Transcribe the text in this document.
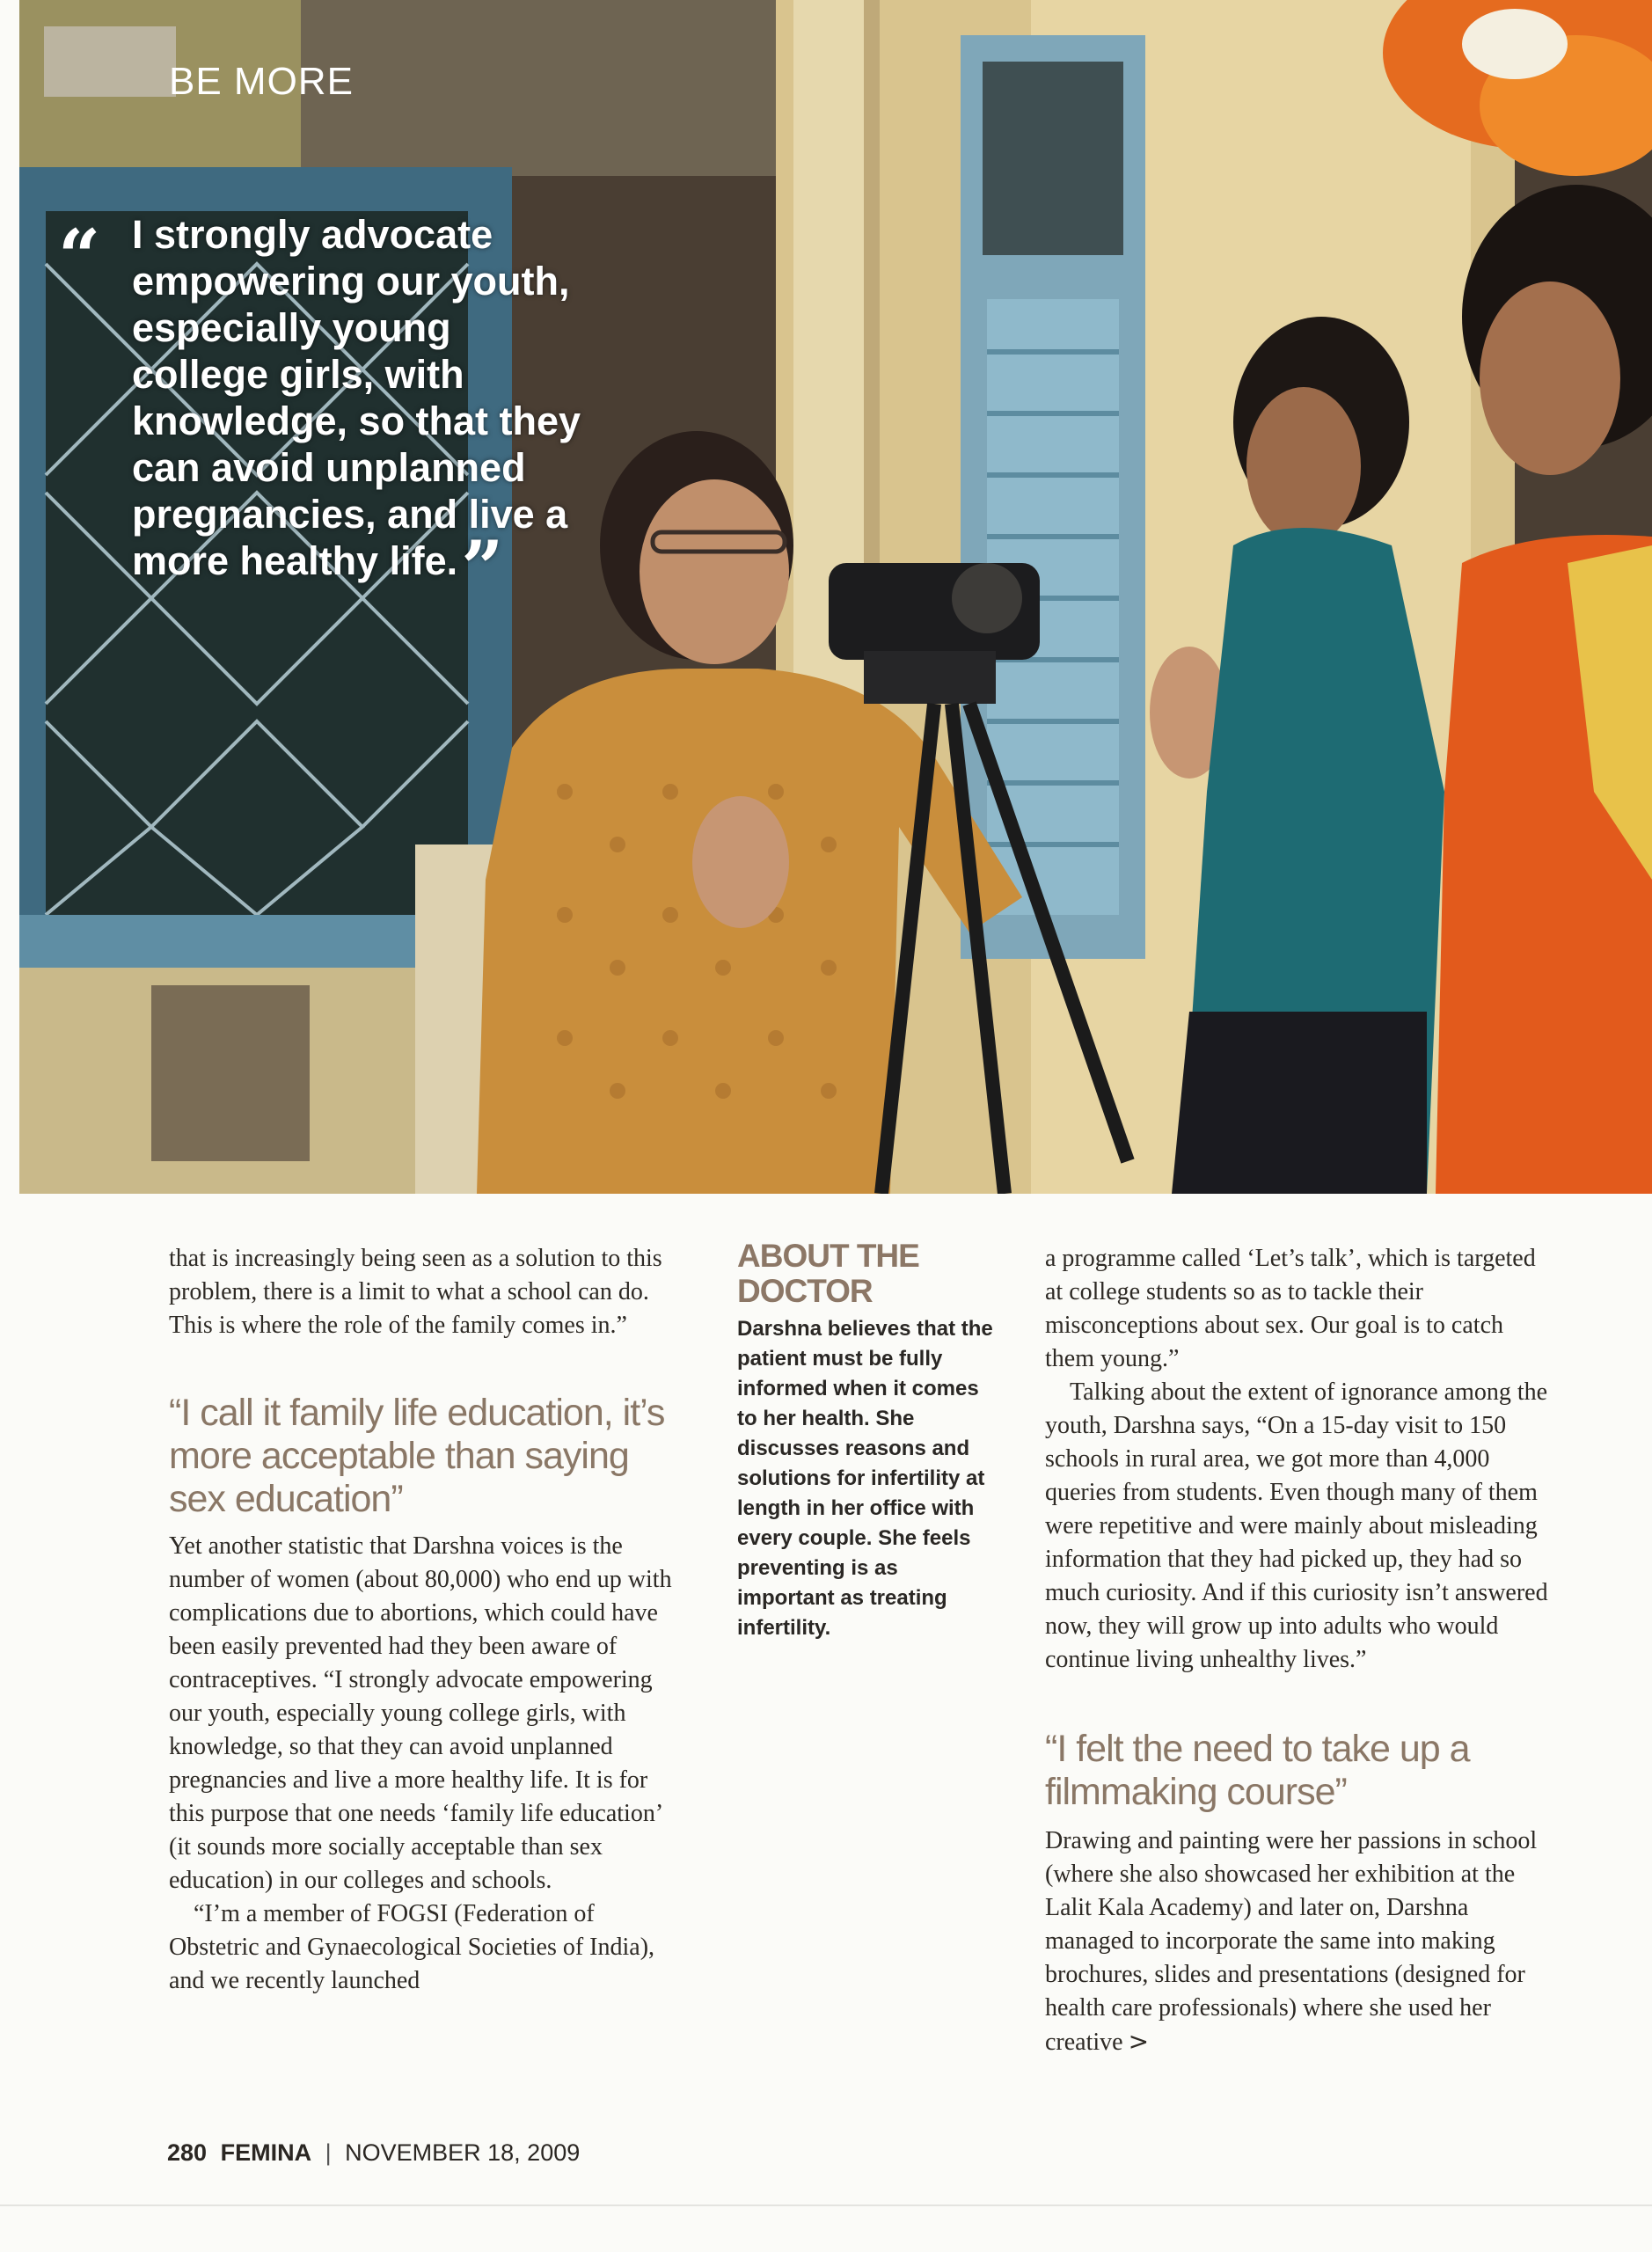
BE MORE
I strongly advocate empowering our youth, especially young college girls, with knowledge, so that they can avoid unplanned pregnancies, and live a more healthy life.”

that is increasingly being seen as a solution to this problem, there is a limit to what a school can do. This is where the role of the family comes in.”

“I call it family life education, it’s more acceptable than saying sex education”

Yet another statistic that Darshna voices is the number of women (about 80,000) who end up with complications due to abortions, which could have been easily prevented had they been aware of contraceptives. “I strongly advocate empowering our youth, especially young college girls, with knowledge, so that they can avoid unplanned pregnancies and live a more healthy life. It is for this purpose that one needs ‘family life education’ (it sounds more socially acceptable than sex education) in our colleges and schools.

“I’m a member of FOGSI (Federation of Obstetric and Gynaecological Societies of India), and we recently launched

ABOUT THE DOCTOR
Darshna believes that the patient must be fully informed when it comes to her health. She discusses reasons and solutions for infertility at length in her office with every couple. She feels preventing is as important as treating infertility.

a programme called ‘Let’s talk’, which is targeted at college students so as to tackle their misconceptions about sex. Our goal is to catch them young.”

Talking about the extent of ignorance among the youth, Darshna says, “On a 15-day visit to 150 schools in rural area, we got more than 4,000 queries from students. Even though many of them were repetitive and were mainly about misleading information that they had picked up, they had so much curiosity. And if this curiosity isn’t answered now, they will grow up into adults who would continue living unhealthy lives.”

“I felt the need to take up a filmmaking course”

Drawing and painting were her passions in school (where she also showcased her exhibition at the Lalit Kala Academy) and later on, Darshna managed to incorporate the same into making brochures, slides and presentations (designed for health care professionals) where she used her creative >

280 FEMINA | NOVEMBER 18, 2009
